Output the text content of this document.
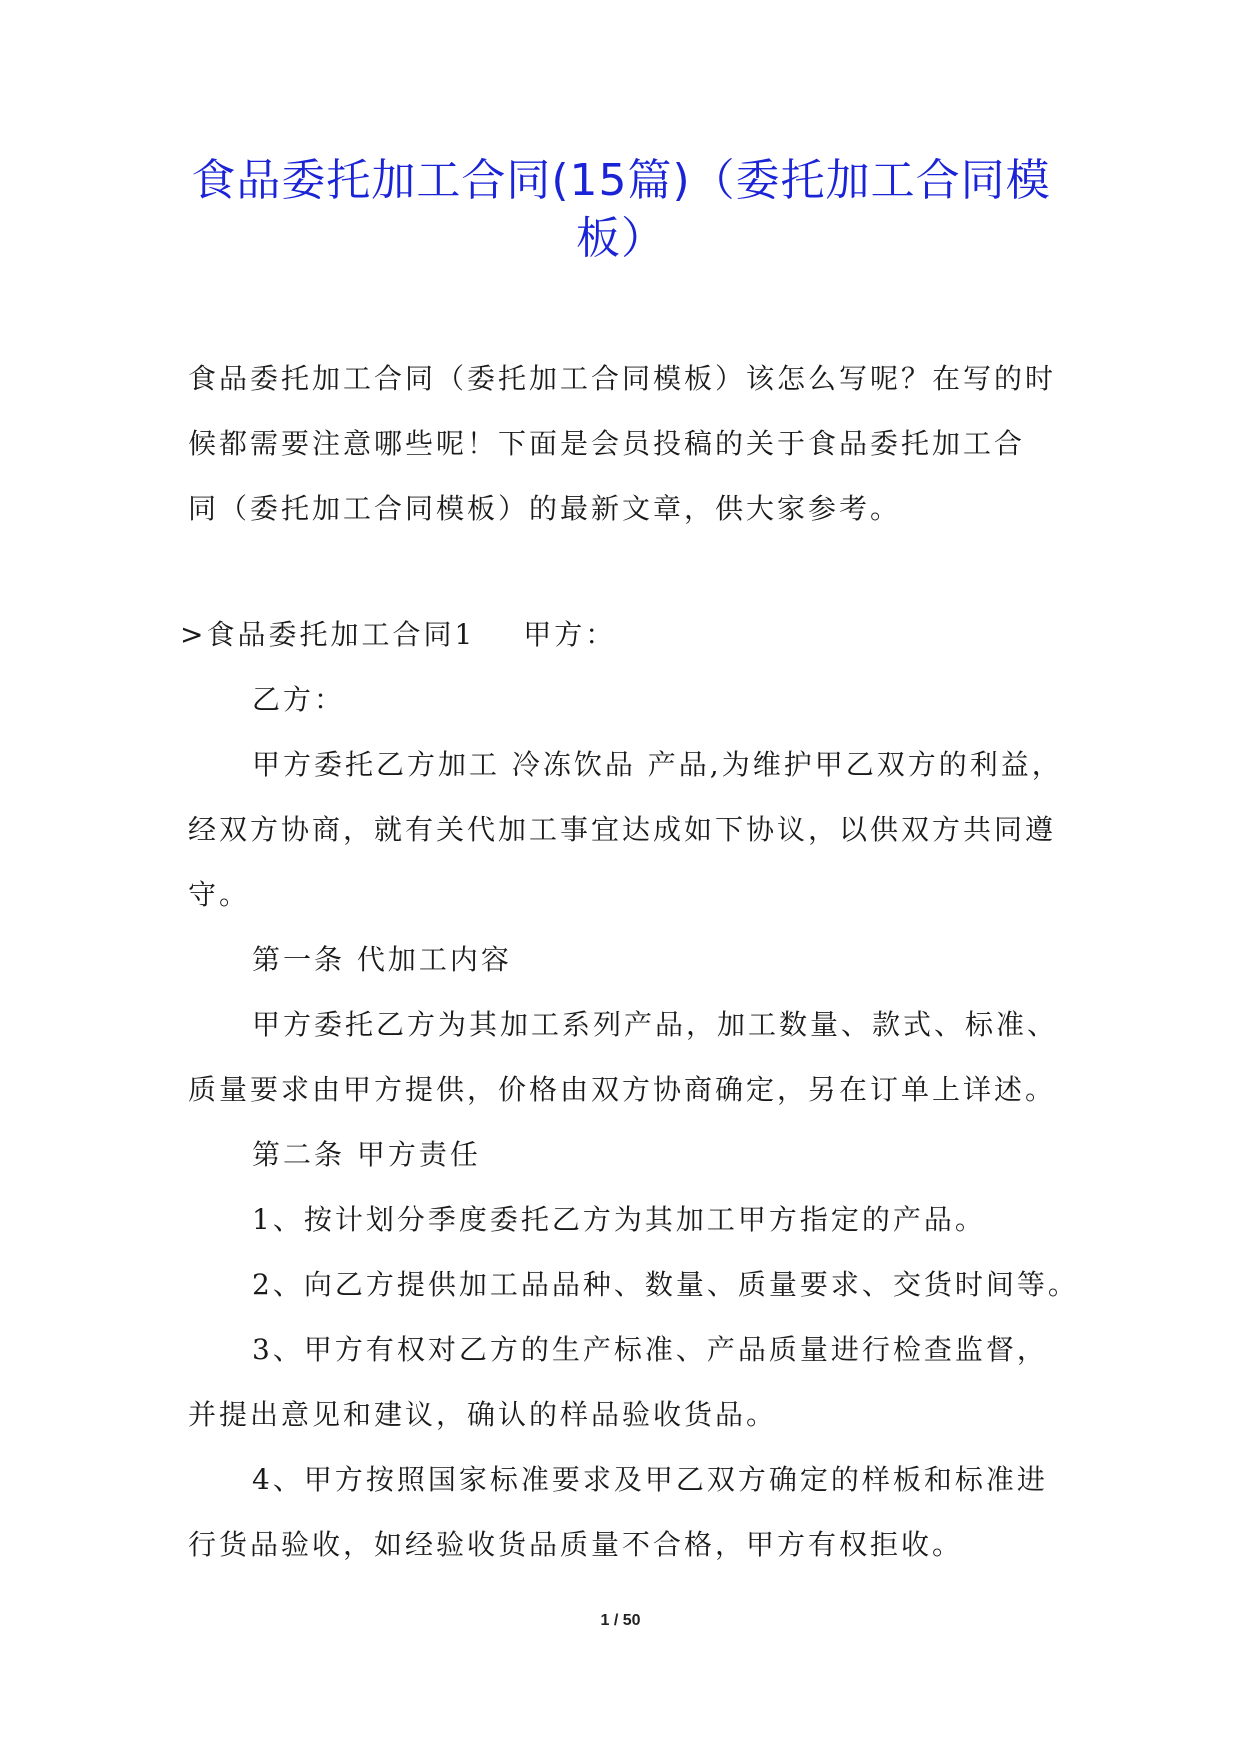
食品委托加工合同(15篇)（委托加工合同模
板）

食品委托加工合同（委托加工合同模板）该怎么写呢？在写的时

候都需要注意哪些呢！下面是会员投稿的关于食品委托加工合

同（委托加工合同模板）的最新文章，供大家参考。

>食品委托加工合同1 甲方：

乙方：

甲方委托乙方加工 冷冻饮品 产品,为维护甲乙双方的利益，

经双方协商，就有关代加工事宜达成如下协议，以供双方共同遵

守。

第一条 代加工内容

甲方委托乙方为其加工系列产品，加工数量、款式、标准、

质量要求由甲方提供，价格由双方协商确定，另在订单上详述。

第二条 甲方责任

1、按计划分季度委托乙方为其加工甲方指定的产品。

2、向乙方提供加工品品种、数量、质量要求、交货时间等。

3、甲方有权对乙方的生产标准、产品质量进行检查监督，

并提出意见和建议，确认的样品验收货品。

4、甲方按照国家标准要求及甲乙双方确定的样板和标准进

行货品验收，如经验收货品质量不合格，甲方有权拒收。

1 / 50
